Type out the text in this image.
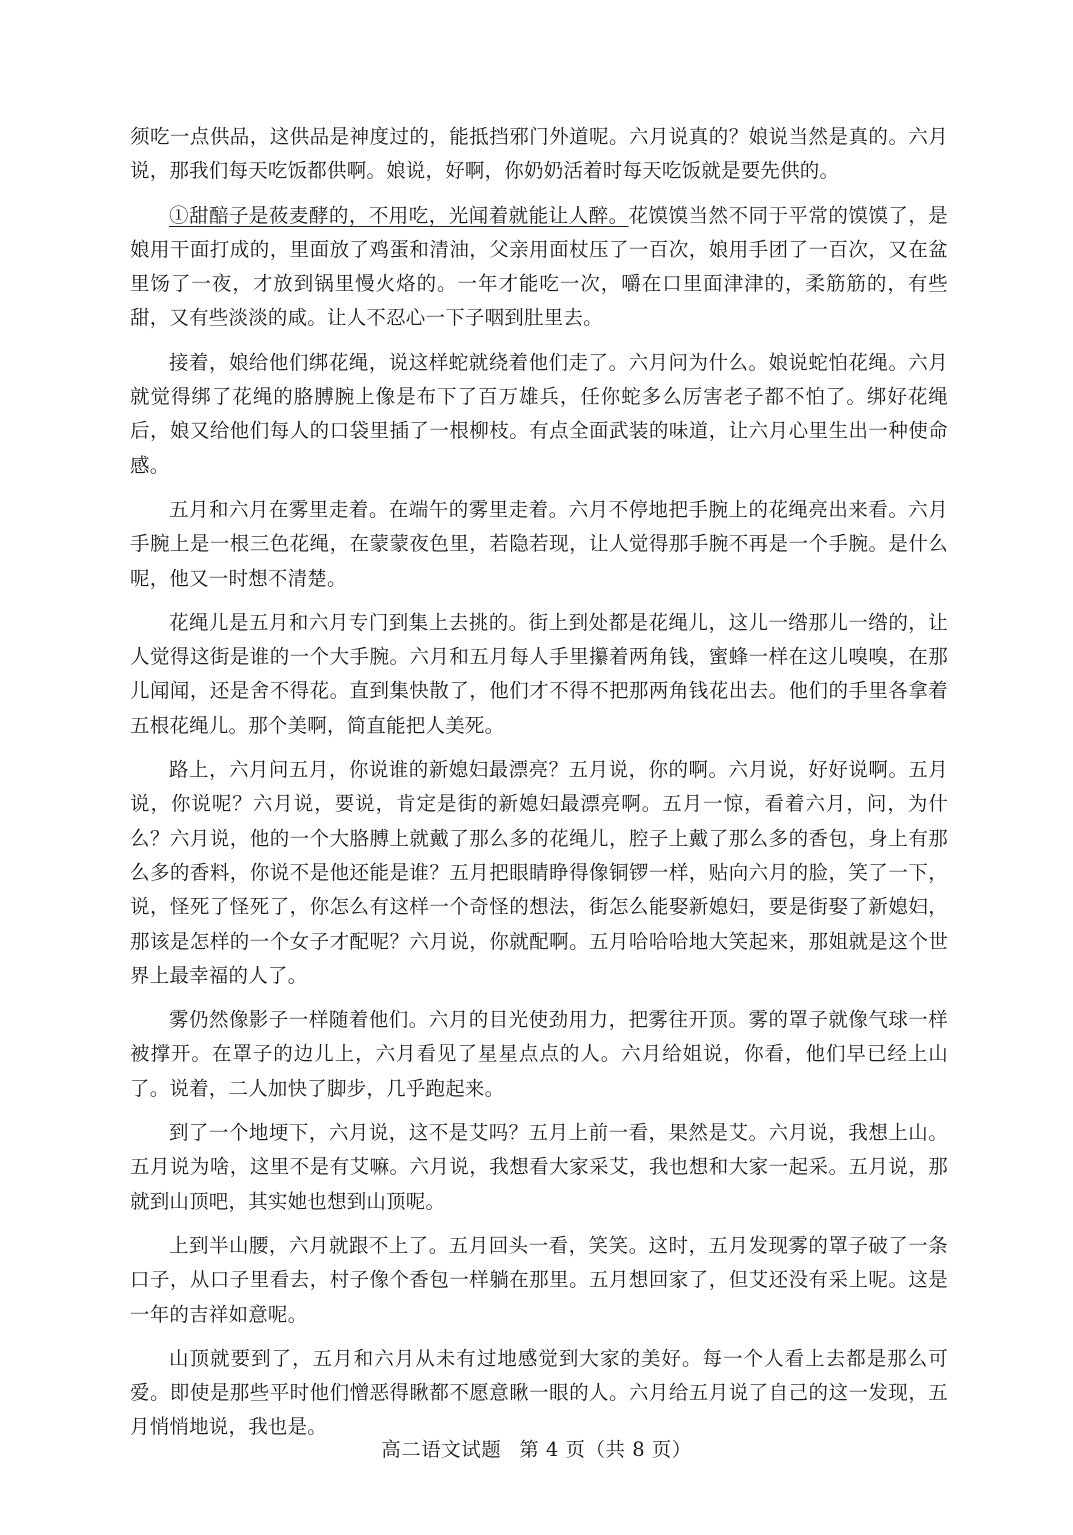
须吃一点供品，这供品是神度过的，能抵挡邪门外道呢。六月说真的？娘说当然是真的。六月说，那我们每天吃饭都供啊。娘说，好啊，你奶奶活着时每天吃饭就是要先供的。

①甜醅子是莜麦酵的，不用吃，光闻着就能让人醉。花馍馍当然不同于平常的馍馍了，是娘用干面打成的，里面放了鸡蛋和清油，父亲用面杖压了一百次，娘用手团了一百次，又在盆里饧了一夜，才放到锅里慢火烙的。一年才能吃一次，嚼在口里面津津的，柔筋筋的，有些甜，又有些淡淡的咸。让人不忍心一下子咽到肚里去。

接着，娘给他们绑花绳，说这样蛇就绕着他们走了。六月问为什么。娘说蛇怕花绳。六月就觉得绑了花绳的胳膊腕上像是布下了百万雄兵，任你蛇多么厉害老子都不怕了。绑好花绳后，娘又给他们每人的口袋里插了一根柳枝。有点全面武装的味道，让六月心里生出一种使命感。

五月和六月在雾里走着。在端午的雾里走着。六月不停地把手腕上的花绳亮出来看。六月手腕上是一根三色花绳，在蒙蒙夜色里，若隐若现，让人觉得那手腕不再是一个手腕。是什么呢，他又一时想不清楚。

花绳儿是五月和六月专门到集上去挑的。街上到处都是花绳儿，这儿一绺那儿一绺的，让人觉得这街是谁的一个大手腕。六月和五月每人手里攥着两角钱，蜜蜂一样在这儿嗅嗅，在那儿闻闻，还是舍不得花。直到集快散了，他们才不得不把那两角钱花出去。他们的手里各拿着五根花绳儿。那个美啊，简直能把人美死。

路上，六月问五月，你说谁的新媳妇最漂亮？五月说，你的啊。六月说，好好说啊。五月说，你说呢？六月说，要说，肯定是街的新媳妇最漂亮啊。五月一惊，看着六月，问，为什么？六月说，他的一个大胳膊上就戴了那么多的花绳儿，腔子上戴了那么多的香包，身上有那么多的香料，你说不是他还能是谁？五月把眼睛睁得像铜锣一样，贴向六月的脸，笑了一下，说，怪死了怪死了，你怎么有这样一个奇怪的想法，街怎么能娶新媳妇，要是街娶了新媳妇，那该是怎样的一个女子才配呢？六月说，你就配啊。五月哈哈哈地大笑起来，那姐就是这个世界上最幸福的人了。

雾仍然像影子一样随着他们。六月的目光使劲用力，把雾往开顶。雾的罩子就像气球一样被撑开。在罩子的边儿上，六月看见了星星点点的人。六月给姐说，你看，他们早已经上山了。说着，二人加快了脚步，几乎跑起来。

到了一个地埂下，六月说，这不是艾吗？五月上前一看，果然是艾。六月说，我想上山。五月说为啥，这里不是有艾嘛。六月说，我想看大家采艾，我也想和大家一起采。五月说，那就到山顶吧，其实她也想到山顶呢。

上到半山腰，六月就跟不上了。五月回头一看，笑笑。这时，五月发现雾的罩子破了一条口子，从口子里看去，村子像个香包一样躺在那里。五月想回家了，但艾还没有采上呢。这是一年的吉祥如意呢。

山顶就要到了，五月和六月从未有过地感觉到大家的美好。每一个人看上去都是那么可爱。即使是那些平时他们憎恶得瞅都不愿意瞅一眼的人。六月给五月说了自己的这一发现，五月悄悄地说，我也是。

高二语文试题 第 4 页（共 8 页）
